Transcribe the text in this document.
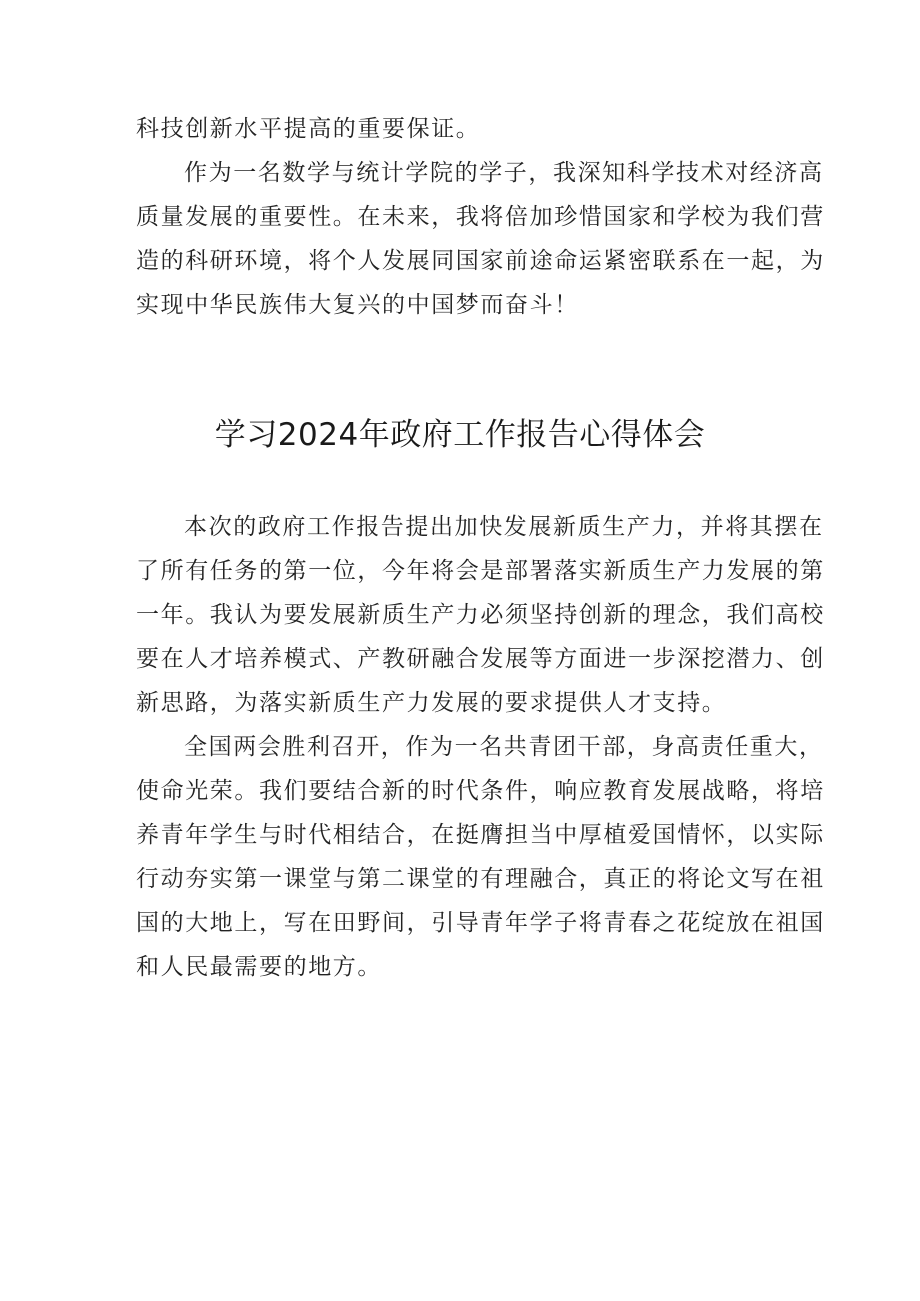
科技创新水平提高的重要保证。
作为一名数学与统计学院的学子，我深知科学技术对经济高
质量发展的重要性。在未来，我将倍加珍惜国家和学校为我们营
造的科研环境，将个人发展同国家前途命运紧密联系在一起，为
实现中华民族伟大复兴的中国梦而奋斗！
学习2024年政府工作报告心得体会
本次的政府工作报告提出加快发展新质生产力，并将其摆在
了所有任务的第一位，今年将会是部署落实新质生产力发展的第
一年。我认为要发展新质生产力必须坚持创新的理念，我们高校
要在人才培养模式、产教研融合发展等方面进一步深挖潜力、创
新思路，为落实新质生产力发展的要求提供人才支持。
全国两会胜利召开，作为一名共青团干部，身高责任重大，
使命光荣。我们要结合新的时代条件，响应教育发展战略，将培
养青年学生与时代相结合，在挺膺担当中厚植爱国情怀，以实际
行动夯实第一课堂与第二课堂的有理融合，真正的将论文写在祖
国的大地上，写在田野间，引导青年学子将青春之花绽放在祖国
和人民最需要的地方。
